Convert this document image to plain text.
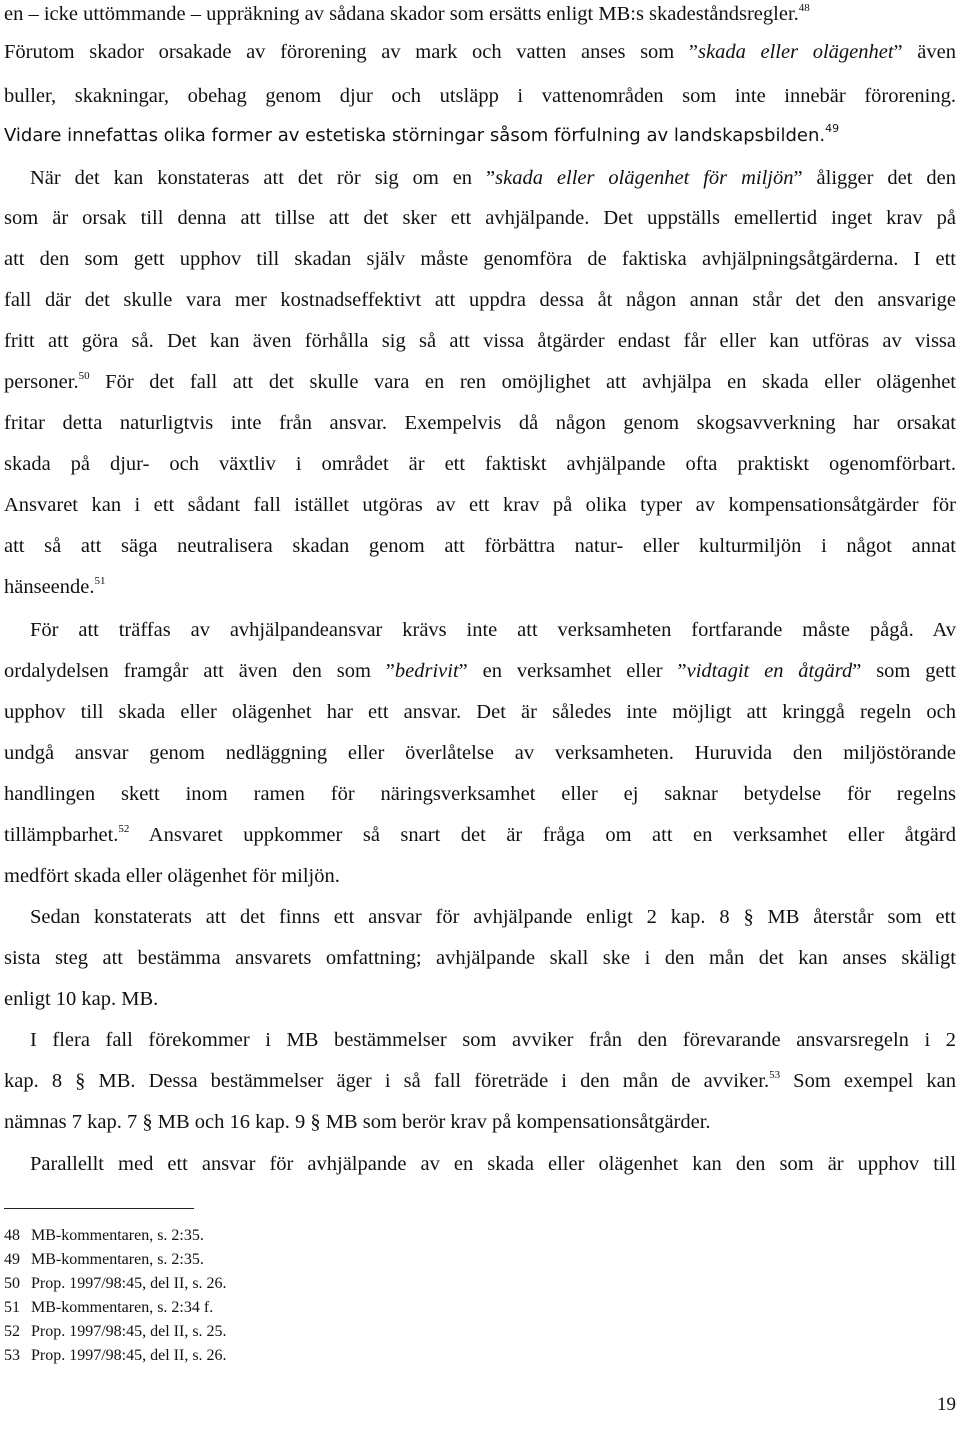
en – icke uttömmande – uppräkning av sådana skador som ersätts enligt MB:s skadeståndsregler.$^{48}$
Förutom skador orsakade av förorening av mark och vatten anses som ”skada eller olägenhet” även
buller, skakningar, obehag genom djur och utsläpp i vattenområden som inte innebär förorening.
Vidare innefattas olika former av estetiska störningar såsom förfulning av landskapsbilden.$^{49}$
När det kan konstateras att det rör sig om en ”skada eller olägenhet för miljön” åligger det den
som är orsak till denna att tillse att det sker ett avhjälpande. Det uppställs emellertid inget krav på
att den som gett upphov till skadan själv måste genomföra de faktiska avhjälpningsåtgärderna. I ett
fall där det skulle vara mer kostnadseffektivt att uppdra dessa åt någon annan står det den ansvarige
fritt att göra så. Det kan även förhålla sig så att vissa åtgärder endast får eller kan utföras av vissa
personer.$^{50}$ För det fall att det skulle vara en ren omöjlighet att avhjälpa en skada eller olägenhet
fritar detta naturligtvis inte från ansvar. Exempelvis då någon genom skogsavverkning har orsakat
skada på djur- och växtliv i området är ett faktiskt avhjälpande ofta praktiskt ogenomförbart.
Ansvaret kan i ett sådant fall istället utgöras av ett krav på olika typer av kompensationsåtgärder för
att så att säga neutralisera skadan genom att förbättra natur- eller kulturmiljön i något annat
hänseende.$^{51}$
För att träffas av avhjälpandeansvar krävs inte att verksamheten fortfarande måste pågå. Av
ordalydelsen framgår att även den som ”bedrivit” en verksamhet eller ”vidtagit en åtgärd” som gett
upphov till skada eller olägenhet har ett ansvar. Det är således inte möjligt att kringgå regeln och
undgå ansvar genom nedläggning eller överlåtelse av verksamheten. Huruvida den miljöstörande
handlingen skett inom ramen för näringsverksamhet eller ej saknar betydelse för regelns
tillämpbarhet.$^{52}$ Ansvaret uppkommer så snart det är fråga om att en verksamhet eller åtgärd
medfört skada eller olägenhet för miljön.
Sedan konstaterats att det finns ett ansvar för avhjälpande enligt 2 kap. 8 § MB återstår som ett
sista steg att bestämma ansvarets omfattning; avhjälpande skall ske i den mån det kan anses skäligt
enligt 10 kap. MB.
I flera fall förekommer i MB bestämmelser som avviker från den förevarande ansvarsregeln i 2
kap. 8 § MB. Dessa bestämmelser äger i så fall företräde i den mån de avviker.$^{53}$ Som exempel kan
nämnas 7 kap. 7 § MB och 16 kap. 9 § MB som berör krav på kompensationsåtgärder.
Parallellt med ett ansvar för avhjälpande av en skada eller olägenhet kan den som är upphov till
48 MB-kommentaren, s. 2:35.
49 MB-kommentaren, s. 2:35.
50 Prop. 1997/98:45, del II, s. 26.
51 MB-kommentaren, s. 2:34 f.
52 Prop. 1997/98:45, del II, s. 25.
53 Prop. 1997/98:45, del II, s. 26.
19
